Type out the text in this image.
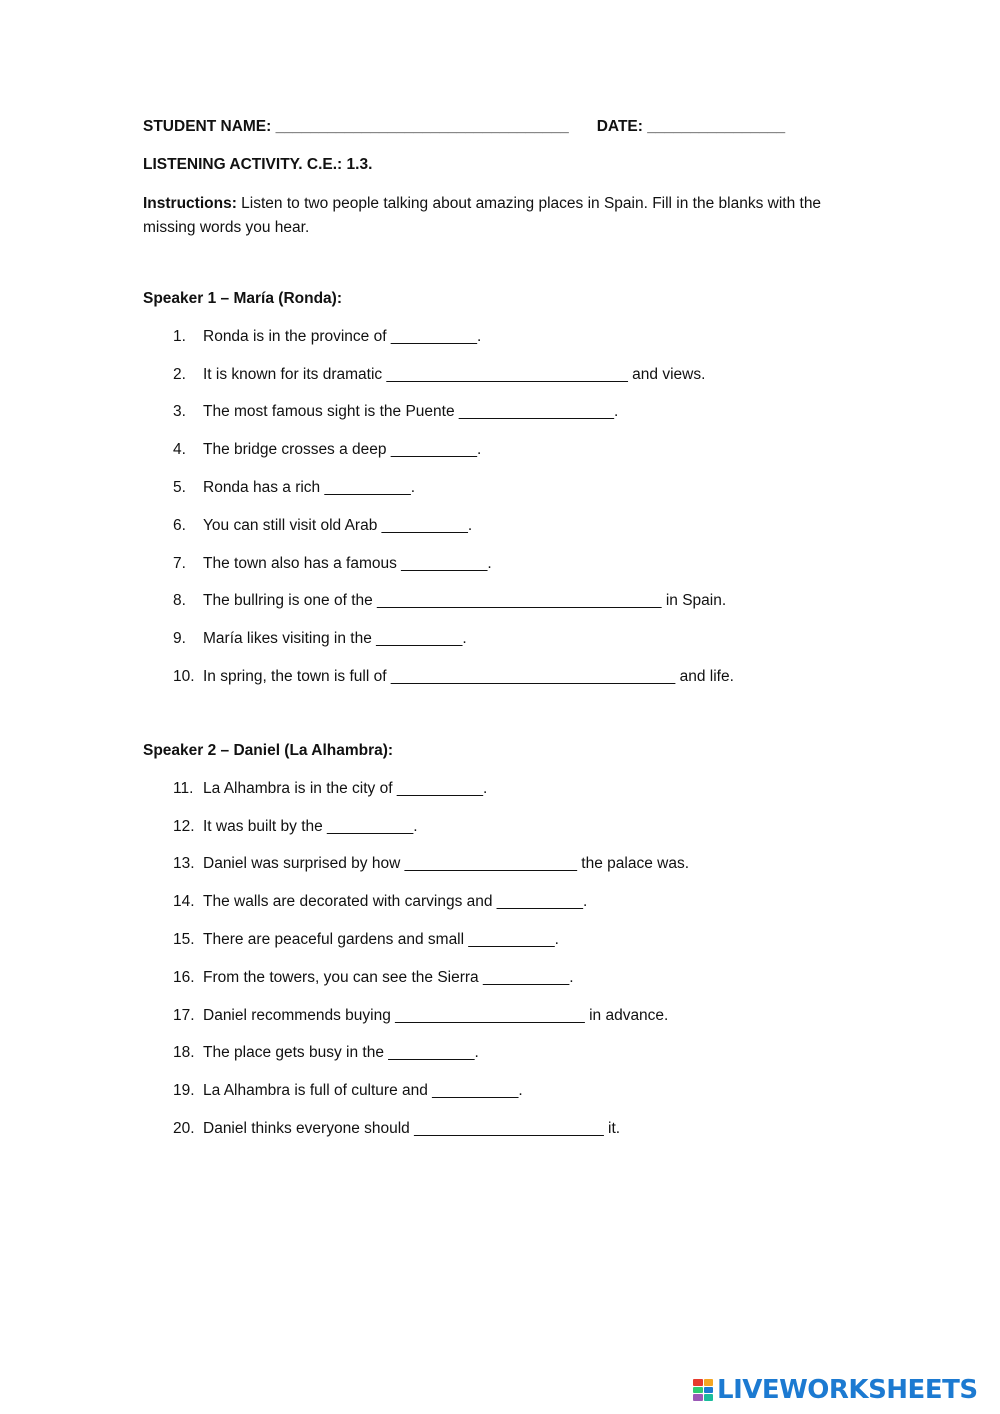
STUDENT NAME: __________________________________ DATE: ________________
LISTENING ACTIVITY. C.E.: 1.3.
Instructions: Listen to two people talking about amazing places in Spain. Fill in the blanks with the missing words you hear.
Speaker 1 – María (Ronda):
1.	Ronda is in the province of __________.
2.	It is known for its dramatic ____________________________ and views.
3.	The most famous sight is the Puente __________________.
4.	The bridge crosses a deep __________.
5.	Ronda has a rich __________.
6.	You can still visit old Arab __________.
7.	The town also has a famous __________.
8.	The bullring is one of the _________________________________ in Spain.
9.	María likes visiting in the __________.
10. In spring, the town is full of _________________________________ and life.
Speaker 2 – Daniel (La Alhambra):
11. La Alhambra is in the city of __________.
12. It was built by the __________.
13. Daniel was surprised by how ____________________ the palace was.
14. The walls are decorated with carvings and __________.
15. There are peaceful gardens and small __________.
16. From the towers, you can see the Sierra __________.
17. Daniel recommends buying ______________________ in advance.
18. The place gets busy in the __________.
19. La Alhambra is full of culture and __________.
20. Daniel thinks everyone should ______________________ it.
LIVEWORKSHEETS
